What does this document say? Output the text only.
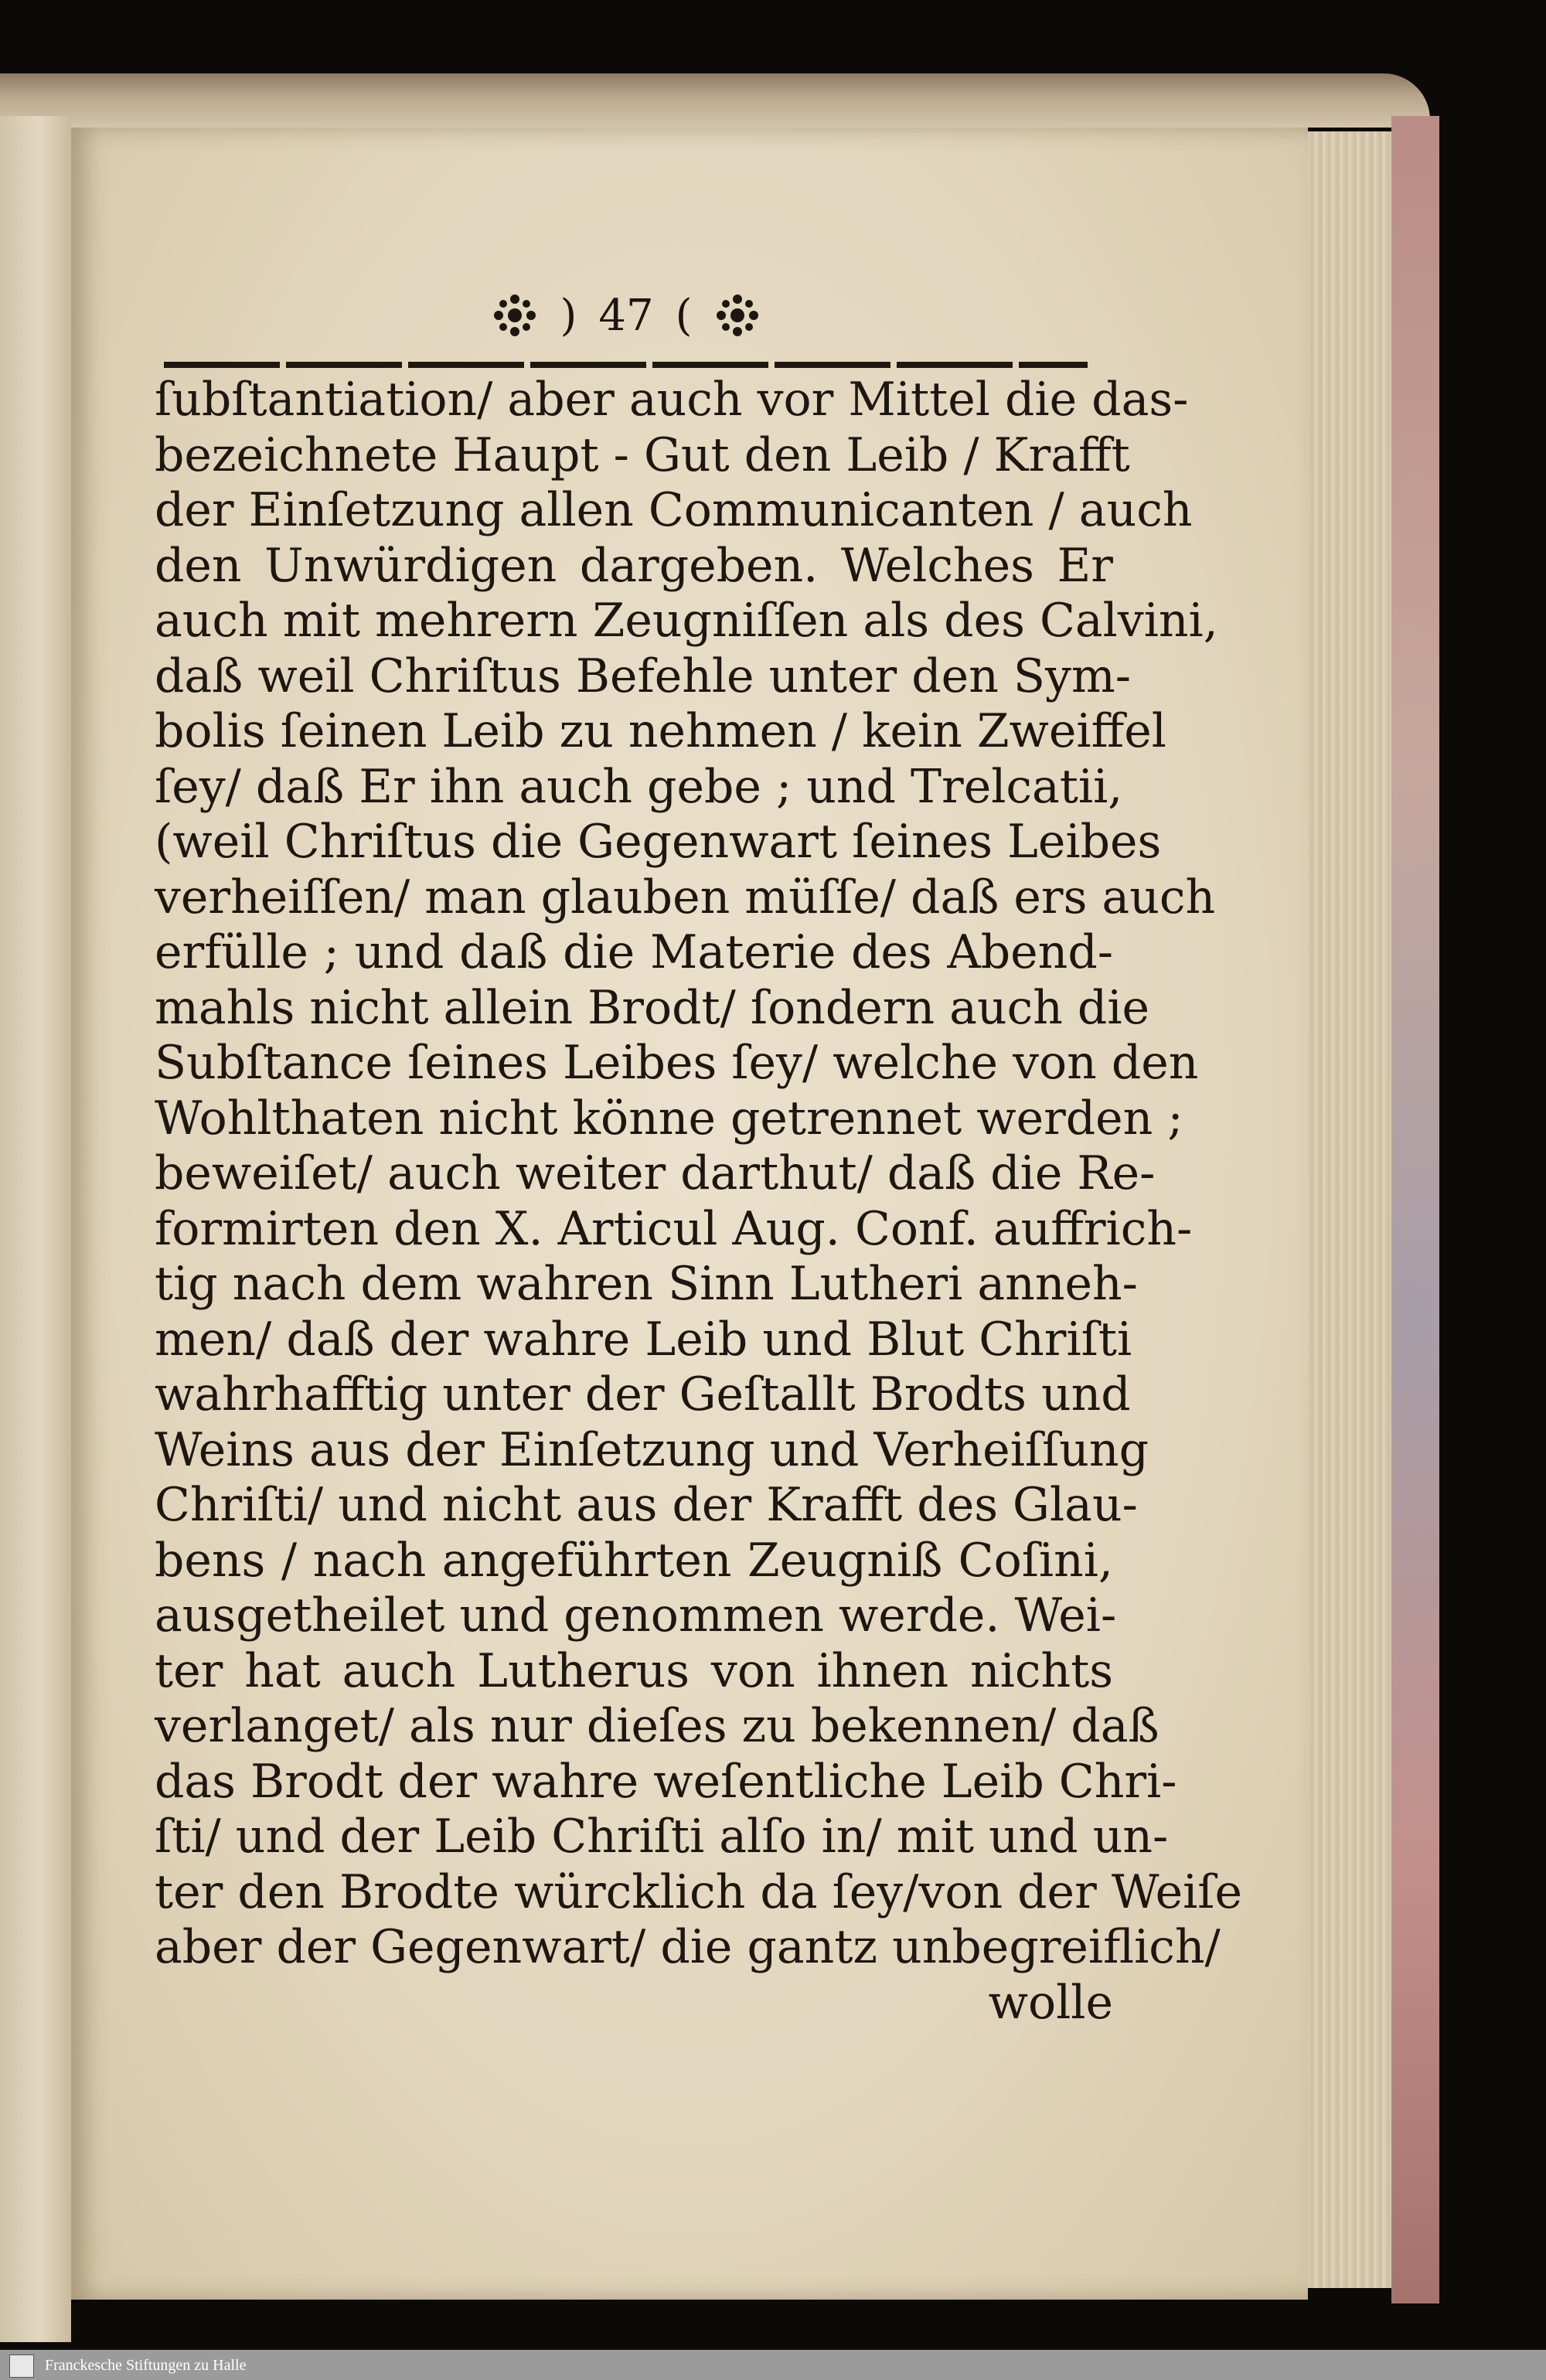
) 47 (
ſubſtantiation/ aber auch vor Mittel die das-
bezeichnete Haupt - Gut den Leib / Krafft
der Einſetzung allen Communicanten / auch
den Unwürdigen dargeben. Welches Er
auch mit mehrern Zeugniſſen als des Calvini,
daß weil Chriſtus Befehle unter den Sym-
bolis ſeinen Leib zu nehmen / kein Zweiffel
ſey/ daß Er ihn auch gebe ; und Trelcatii,
(weil Chriſtus die Gegenwart ſeines Leibes
verheiſſen/ man glauben müſſe/ daß ers auch
erfülle ; und daß die Materie des Abend-
mahls nicht allein Brodt/ ſondern auch die
Subſtance ſeines Leibes ſey/ welche von den
Wohlthaten nicht könne getrennet werden ;
beweiſet/ auch weiter darthut/ daß die Re-
formirten den X. Articul Aug. Conf. auffrich-
tig nach dem wahren Sinn Lutheri anneh-
men/ daß der wahre Leib und Blut Chriſti
wahrhafftig unter der Geſtallt Brodts und
Weins aus der Einſetzung und Verheiſſung
Chriſti/ und nicht aus der Krafft des Glau-
bens / nach angeführten Zeugniß Coſini,
ausgetheilet und genommen werde. Wei-
ter hat auch Lutherus von ihnen nichts
verlanget/ als nur dieſes zu bekennen/ daß
das Brodt der wahre weſentliche Leib Chri-
ſti/ und der Leib Chriſti alſo in/ mit und un-
ter den Brodte würcklich da ſey/von der Weiſe
aber der Gegenwart/ die gantz unbegreiflich/
wolle
Franckesche Stiftungen zu Halle
